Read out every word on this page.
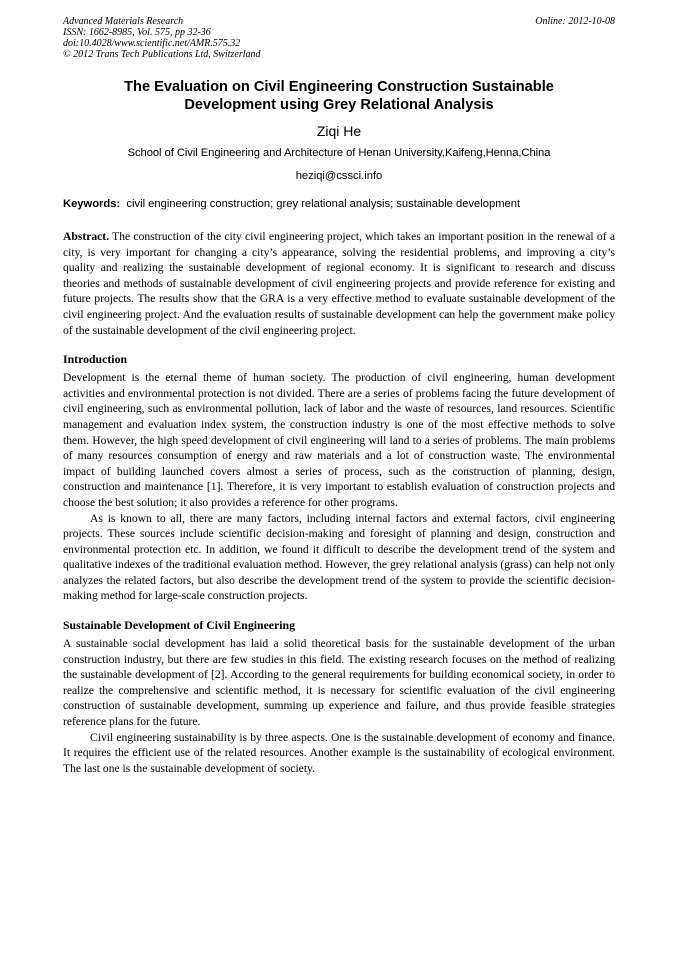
Advanced Materials Research
ISSN: 1662-8985, Vol. 575, pp 32-36
doi:10.4028/www.scientific.net/AMR.575.32
© 2012 Trans Tech Publications Ltd, Switzerland
Online: 2012-10-08
The Evaluation on Civil Engineering Construction Sustainable Development using Grey Relational Analysis
Ziqi He
School of Civil Engineering and Architecture of Henan University,Kaifeng,Henna,China
heziqi@cssci.info
Keywords: civil engineering construction; grey relational analysis; sustainable development

Abstract. The construction of the city civil engineering project, which takes an important position in the renewal of a city, is very important for changing a city’s appearance, solving the residential problems, and improving a city’s quality and realizing the sustainable development of regional economy. It is significant to research and discuss theories and methods of sustainable development of civil engineering projects and provide reference for existing and future projects. The results show that the GRA is a very effective method to evaluate sustainable development of the civil engineering project. And the evaluation results of sustainable development can help the government make policy of the sustainable development of the civil engineering project.

Introduction

Development is the eternal theme of human society. The production of civil engineering, human development activities and environmental protection is not divided. There are a series of problems facing the future development of civil engineering, such as environmental pollution, lack of labor and the waste of resources, land resources. Scientific management and evaluation index system, the construction industry is one of the most effective methods to solve them. However, the high speed development of civil engineering will land to a series of problems. The main problems of many resources consumption of energy and raw materials and a lot of construction waste. The environmental impact of building launched covers almost a series of process, such as the construction of planning, design, construction and maintenance [1]. Therefore, it is very important to establish evaluation of construction projects and choose the best solution; it also provides a reference for other programs.

As is known to all, there are many factors, including internal factors and external factors, civil engineering projects. These sources include scientific decision-making and foresight of planning and design, construction and environmental protection etc. In addition, we found it difficult to describe the development trend of the system and qualitative indexes of the traditional evaluation method. However, the grey relational analysis (grass) can help not only analyzes the related factors, but also describe the development trend of the system to provide the scientific decision-making method for large-scale construction projects.

Sustainable Development of Civil Engineering

A sustainable social development has laid a solid theoretical basis for the sustainable development of the urban construction industry, but there are few studies in this field. The existing research focuses on the method of realizing the sustainable development of [2]. According to the general requirements for building economical society, in order to realize the comprehensive and scientific method, it is necessary for scientific evaluation of the civil engineering construction of sustainable development, summing up experience and failure, and thus provide feasible strategies reference plans for the future.

Civil engineering sustainability is by three aspects. One is the sustainable development of economy and finance. It requires the efficient use of the related resources. Another example is the sustainability of ecological environment. The last one is the sustainable development of society.
